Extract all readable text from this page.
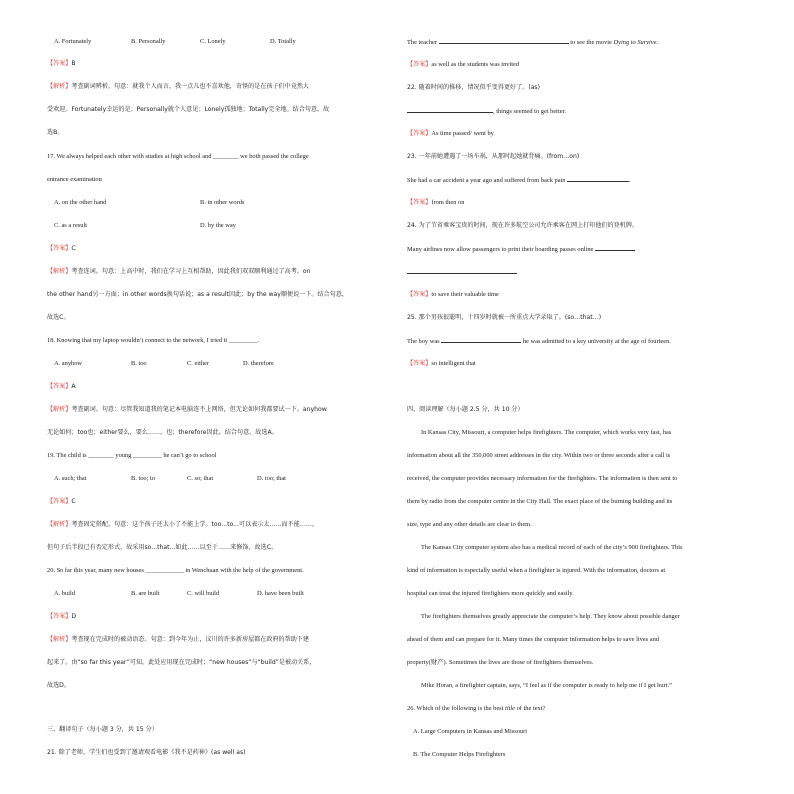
A. Fortunately	B. Personally	C. Lonely	D. Totally
【答案】B
【解析】考查副词辨析。句意：就我个人而言，我一点儿也不喜欢他，奇怪的是在孩子们中竟然大
受欢迎。Fortunately幸运的是；Personally就个人意见；Lonely孤独地；Totally完全地。结合句意，故
选B。
17. We always helped each other with studies at high school and ________ we both passed the college
entrance examination
A. on the other hand	B. in other words
C. as a result	D. by the way
【答案】C
【解析】考查连词。句意：上高中时，我们在学习上互相帮助，因此我们双双顺利通过了高考。on
the other hand另一方面；in other words换句话说；as a result因此；by the way顺便说一下。结合句意，
故选C。
18. Knowing that my laptop wouldn’t connect to the network, I tried it _________.
A. anyhow	B. too	C. either	D. therefore
【答案】A
【解析】考查副词。句意：尽管我知道我的笔记本电脑连不上网络，但无论如何我都要试一下。anyhow
无论如何；too也；either要么，要么……，也；therefore因此。结合句意，故选A。
19. The child is ________ young _________ he can’t go to school
A. such; that	B. too; to	C. so; that	D. too; that
【答案】C
【解析】考查固定搭配。句意：这个孩子还太小了不能上学。too...to...可以表示太……而不能……，
但句子后半段已有否定形式，故采用so...that...如此……以至于……来修饰，故选C。
20. So far this year, many new houses ____________ in Wenchuan with the help of the government.
A. build	B. are built	C. will build	D. have been built
【答案】D
【解析】考查现在完成时的被动语态。句意：到今年为止，汶川的许多新房屋都在政府的帮助下建
起来了。由“so far this year”可知，此处应用现在完成时；“new houses”与“build”是被动关系，
故选D。
三、翻译句子（每小题 3 分，共 15 分）
21. 除了老师，学生们也受到了邀请观看电影《我不是药神》(as well as)
The teacher	to see the movie Dying to Survive.
【答案】as well as the students was invited
22. 随着时间的推移，情况似乎变得更好了。(as)
, things seemed to get better.
【答案】As time passed/ went by
23. 一年前她遭遇了一场车祸，从那时起她就背痛。(from…on)
She had a car accident a year ago and suffered from back pain	.
【答案】from then on
24. 为了节省乘客宝贵的时间，现在许多航空公司允许乘客在网上打印他们的登机牌。
Many airlines now allow passengers to print their boarding passes online
【答案】to save their valuable time
25. 那个男孩很聪明，十四岁时就被一所重点大学录取了。(so…that…)
The boy was	he was admitted to a key university at the age of fourteen.
【答案】so intelligent that
四、阅读理解（每小题 2.5 分，共 10 分）
In Kansas City, Missouri, a computer helps firefighters. The computer, which works very fast, has
information about all the 350,000 street addresses in the city. Within two or three seconds after a call is
received, the computer provides necessary information for the firefighters. The information is then sent to
them by radio from the computer centre in the City Hall. The exact place of the burning building and its
size, type and any other details are clear to them.
The Kansas City computer system also has a medical record of each of the city’s 900 firefighters. This
kind of information is especially useful when a firefighter is injured. With the information, doctors at
hospital can treat the injured firefighters more quickly and easily.
The firefighters themselves greatly appreciate the computer’s help. They know about possible danger
ahead of them and can prepare for it. Many times the computer information helps to save lives and
property(财产). Sometimes the lives are those of firefighters themselves.
Mike Horan, a firefighter captain, says, “I feel as if the computer is ready to help me if I get hurt.”
26. Which of the following is the best title of the text?
A. Large Computers in Kansas and Missouri
B. The Computer Helps Firefighters
